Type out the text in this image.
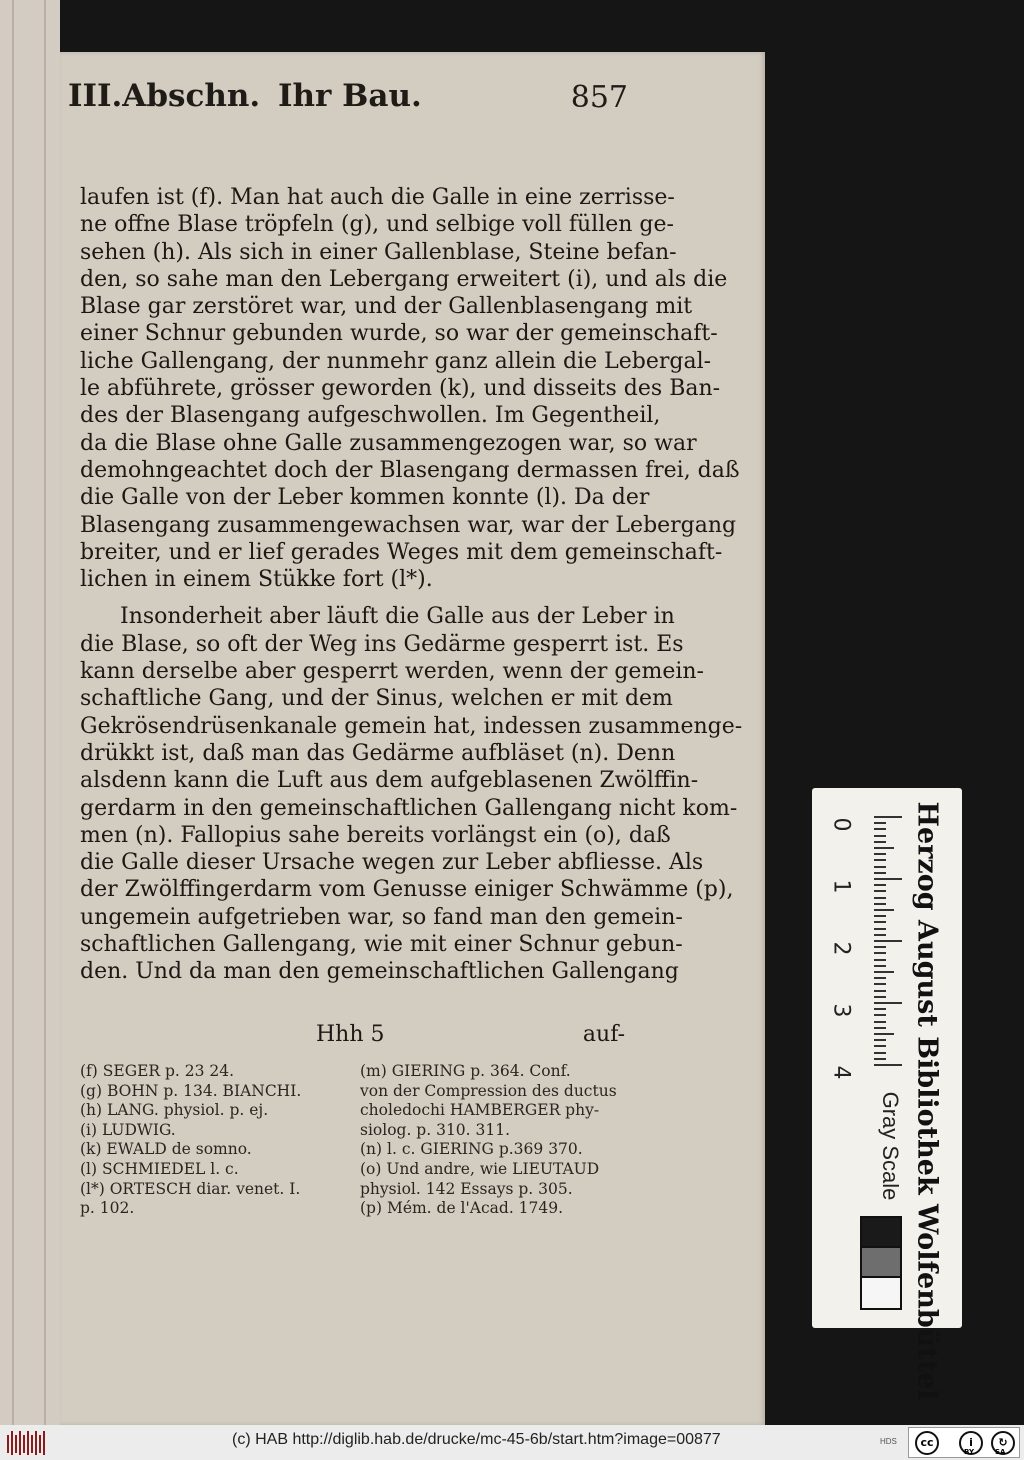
III.Abschn. Ihr Bau.	857
laufen ist (f). Man hat auch die Galle in eine zerrisse-
ne offne Blase tröpfeln (g), und selbige voll füllen ge-
sehen (h). Als sich in einer Gallenblase, Steine befan-
den, so sahe man den Lebergang erweitert (i), und als die
Blase gar zerstöret war, und der Gallenblasengang mit
einer Schnur gebunden wurde, so war der gemeinschaft-
liche Gallengang, der nunmehr ganz allein die Lebergal-
le abführete, grösser geworden (k), und disseits des Ban-
des der Blasengang aufgeschwollen. Im Gegentheil,
da die Blase ohne Galle zusammengezogen war, so war
demohngeachtet doch der Blasengang dermassen frei, daß
die Galle von der Leber kommen konnte (l). Da der
Blasengang zusammengewachsen war, war der Lebergang
breiter, und er lief gerades Weges mit dem gemeinschaft-
lichen in einem Stükke fort (l*).
Insonderheit aber läuft die Galle aus der Leber in
die Blase, so oft der Weg ins Gedärme gesperrt ist. Es
kann derselbe aber gesperrt werden, wenn der gemein-
schaftliche Gang, und der Sinus, welchen er mit dem
Gekrösendrüsenkanale gemein hat, indessen zusammenge-
drükkt ist, daß man das Gedärme aufbläset (n). Denn
alsdenn kann die Luft aus dem aufgeblasenen Zwölffin-
gerdarm in den gemeinschaftlichen Gallengang nicht kom-
men (n). Fallopius sahe bereits vorlängst ein (o), daß
die Galle dieser Ursache wegen zur Leber abfliesse. Als
der Zwölffingerdarm vom Genusse einiger Schwämme (p),
ungemein aufgetrieben war, so fand man den gemein-
schaftlichen Gallengang, wie mit einer Schnur gebun-
den. Und da man den gemeinschaftlichen Gallengang
Hhh 5	auf-
(f) SEGER p. 23 24.
(g) BOHN p. 134. BIANCHI.
(h) LANG. physiol. p. ej.
(i) LUDWIG.
(k) EWALD de somno.
(l) SCHMIEDEL l. c.
(l*) ORTESCH diar. venet. I.
p. 102.
(m) GIERING p. 364. Conf.
von der Compression des ductus
choledochi HAMBERGER phy-
siolog. p. 310. 311.
(n) l. c. GIERING p.369 370.
(o) Und andre, wie LIEUTAUD
physiol. 142 Essays p. 305.
(p) Mém. de l'Acad. 1749.
0
1
2
3
4 Herzog August Bibliothek Wolfenbüttel
Gray Scale
(c) HAB http://diglib.hab.de/drucke/mc-45-6b/start.htm?image=00877	HDS	cc	i	↻
BY	SA
